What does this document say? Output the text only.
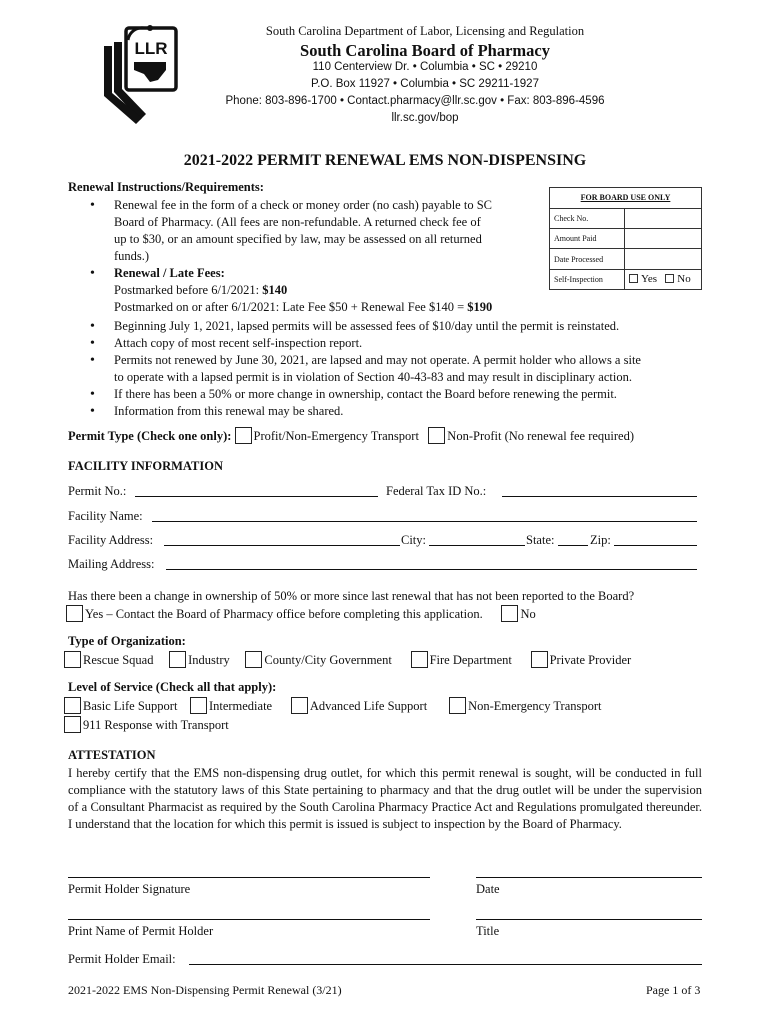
LLR
South Carolina Department of Labor, Licensing and Regulation
South Carolina Board of Pharmacy
110 Centerview Dr. • Columbia • SC • 29210
P.O. Box 11927 • Columbia • SC 29211-1927
Phone: 803-896-1700 • Contact.pharmacy@llr.sc.gov • Fax: 803-896-4596
llr.sc.gov/bop
2021-2022 PERMIT RENEWAL EMS NON-DISPENSING
Renewal Instructions/Requirements:
• Renewal fee in the form of a check or money order (no cash) payable to SC
Board of Pharmacy. (All fees are non-refundable. A returned check fee of
up to $30, or an amount specified by law, may be assessed on all returned
funds.)
• Renewal / Late Fees:
Postmarked before 6/1/2021: $140
Postmarked on or after 6/1/2021: Late Fee $50 + Renewal Fee $140 = $190
• Beginning July 1, 2021, lapsed permits will be assessed fees of $10/day until the permit is reinstated.
• Attach copy of most recent self-inspection report.
• Permits not renewed by June 30, 2021, are lapsed and may not operate. A permit holder who allows a site
to operate with a lapsed permit is in violation of Section 40-43-83 and may result in disciplinary action.
• If there has been a 50% or more change in ownership, contact the Board before renewing the permit.
• Information from this renewal may be shared.
FOR BOARD USE ONLY	
Check No.	
Amount Paid	
Date Processed	
Self-Inspection	Yes No
Permit Type (Check one only): Profit/Non-Emergency Transport Non-Profit (No renewal fee required)
FACILITY INFORMATION
Permit No.:	Federal Tax ID No.:
Facility Name:
Facility Address:	City:	State:	Zip:
Mailing Address:
Has there been a change in ownership of 50% or more since last renewal that has not been reported to the Board?
Yes – Contact the Board of Pharmacy office before completing this application.	No
Type of Organization:
Rescue Squad	Industry	County/City Government	Fire Department	Private Provider
Level of Service (Check all that apply):
Basic Life Support	Intermediate	Advanced Life Support	Non-Emergency Transport
911 Response with Transport
ATTESTATION
I hereby certify that the EMS non-dispensing drug outlet, for which this permit renewal is sought, will be conducted in full compliance with the statutory laws of this State pertaining to pharmacy and that the drug outlet will be under the supervision of a Consultant Pharmacist as required by the South Carolina Pharmacy Practice Act and Regulations promulgated thereunder. I understand that the location for which this permit is issued is subject to inspection by the Board of Pharmacy.
Permit Holder Signature	Date
Print Name of Permit Holder	Title
Permit Holder Email:
2021-2022 EMS Non-Dispensing Permit Renewal (3/21)	Page 1 of 3
